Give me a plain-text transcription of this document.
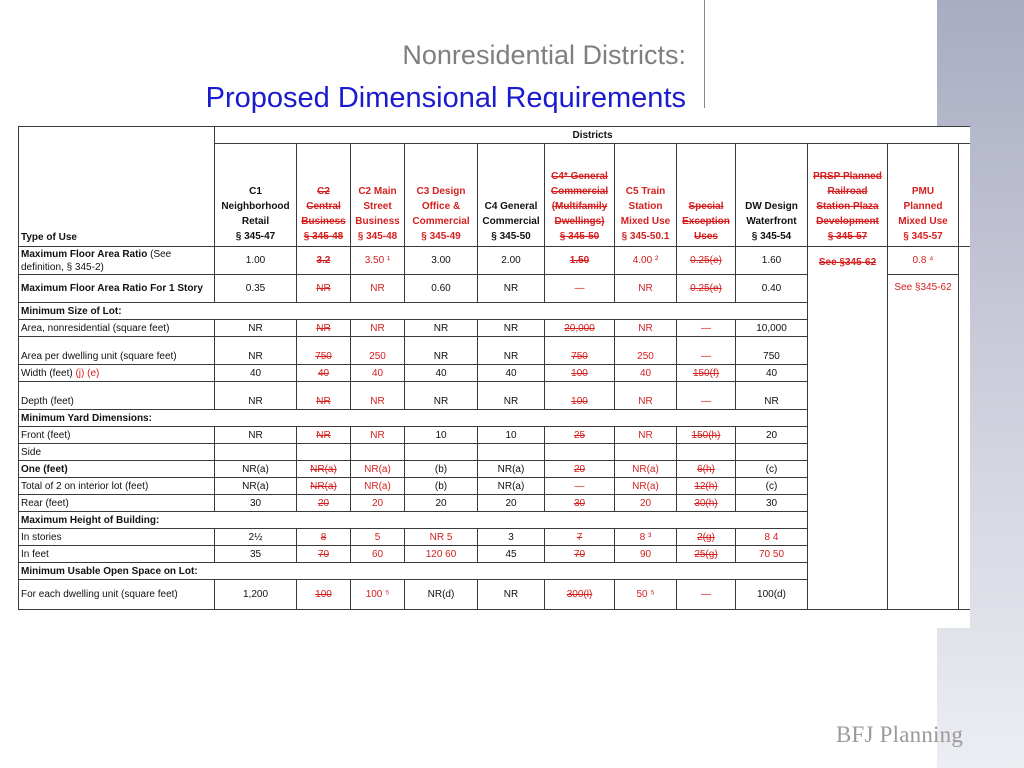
Nonresidential Districts:
Proposed Dimensional Requirements
Type of Use	Districts												
	C1
Neighborhood
Retail
§ 345-47	C2
Central
Business
§ 345-48	C2 Main
Street
Business
§ 345-48	C3 Design
Office &
Commercial
§ 345-49	C4 General
Commercial
§ 345-50	C4* General
Commercial
(Multifamily
Dwellings)
§ 345-50	C5 Train
Station
Mixed Use
§ 345-50.1	Special
Exception
Uses	DW Design
Waterfront
§ 345-54	PRSP Planned
Railroad
Station Plaza
Development
§ 345-57	PMU
Planned
Mixed Use
§ 345-57		
Maximum Floor Area Ratio (See definition, § 345-2)	1.00	3.2	3.50 ¹	3.00	2.00	1.50	4.00 ²	0.25(e)	1.60	See §345-62	0.8 ⁴		
Maximum Floor Area Ratio For 1 Story	0.35	NR	NR	0.60	NR	—	NR	0.25(e)	0.40		See §345-62		
Minimum Size of Lot:													
Area, nonresidential (square feet)	NR	NR	NR	NR	NR	20,000	NR	—	10,000				
Area per dwelling unit (square feet)	NR	750	250	NR	NR	750	250	—	750				
Width (feet) (j) (e)	40	40	40	40	40	100	40	150(f)	40				
Depth (feet)	NR	NR	NR	NR	NR	100	NR	—	NR				
Minimum Yard Dimensions:													
Front (feet)	NR	NR	NR	10	10	25	NR	150(h)	20				
Side													
One (feet)	NR(a)	NR(a)	NR(a)	(b)	NR(a)	20	NR(a)	6(h)	(c)				
Total of 2 on interior lot (feet)	NR(a)	NR(a)	NR(a)	(b)	NR(a)	—	NR(a)	12(h)	(c)				
Rear (feet)	30	20	20	20	20	30	20	30(h)	30				
Maximum Height of Building:													
In stories	2½	8	5	NR 5	3	7	8 ³	2(g)	8 4				
In feet	35	70	60	120 60	45	70	90	25(g)	70 50				
Minimum Usable Open Space on Lot:													
For each dwelling unit (square feet)	1,200	100	100 ⁵	NR(d)	NR	300(l)	50 ⁵	—	100(d)	
BFJ Planning
